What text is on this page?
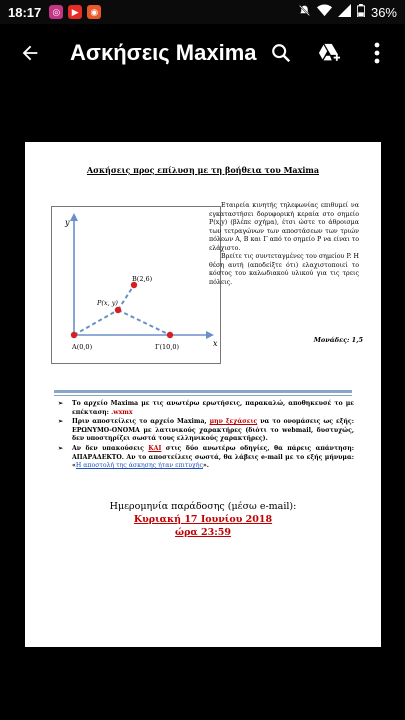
18:17	◎	▶	◉	36%
Ασκήσεις Maxima
Ασκήσεις προς επίλυση με τη βοήθεια του Maxima
y
x
A(0,0)
B(2,6)
P(x, y)
Γ(10,0)
Εταιρεία κινητής τηλεφωνίας επιθυμεί να εγκαταστήσει δορυφορική κεραία στο σημείο P(x,y) (βλέπε σχήμα), έτσι ώστε το άθροισμα των τετραγώνων των αποστάσεων των τριών πόλεων A, B και Γ από το σημείο P να είναι το ελάχιστο.
Βρείτε τις συντεταγμένες του σημείου P. Η θέση αυτή (αποδείξτε ότι) ελαχιστοποιεί το κόστος του καλωδιακού υλικού για τις τρεις πόλεις.
Μονάδες: 1,5
➢	Το αρχείο Maxima με τις ανωτέρω ερωτήσεις, παρακαλώ, αποθηκευσέ το με επέκταση: .wxmx
➢	Πριν αποστείλεις το αρχείο Maxima, μην ξεχάσεις να το ονομάσεις ως εξής: ΕΡΩΝΥΜΟ-ΟΝΟΜΑ με λατινικούς χαρακτήρες (διότι το webmail, δυστυχώς, δεν υποστηρίζει σωστά τους ελληνικούς χαρακτήρες).
➢	Αν δεν υπακούσεις ΚΑΙ στις δύο ανωτέρω οδηγίες, θα πάρεις απάντηση: ΑΠΑΡΑΔΕΚΤΟ. Αν το αποστείλεις σωστά, θα λάβεις e-mail με το εξής μήνυμα: «Η αποστολή της άσκησης ήταν επιτυχής».
Ημερομηνία παράδοσης (μέσω e-mail):
Κυριακή 17 Ιουνίου 2018
ώρα 23:59
